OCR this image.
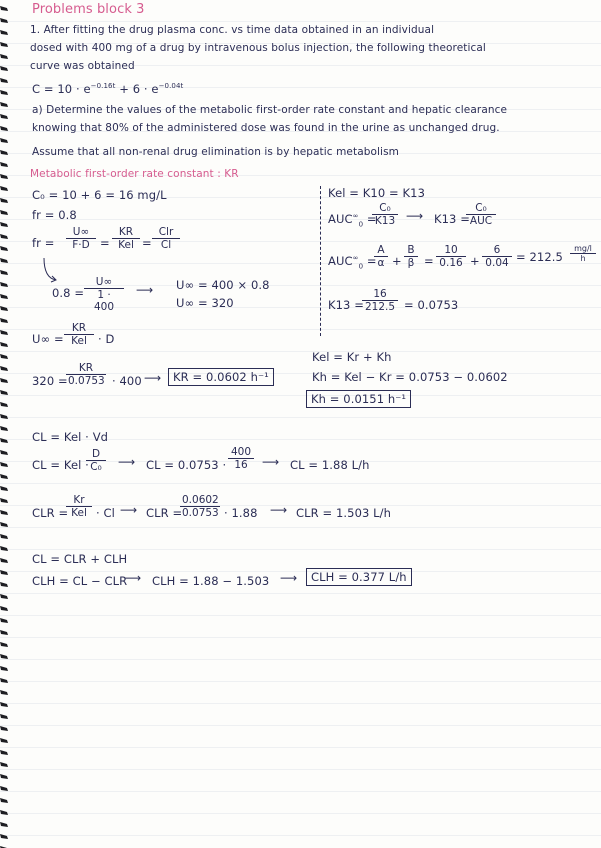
Problems block 3
1. After fitting the drug plasma conc. vs time data obtained in an individual
dosed with 400 mg of a drug by intravenous bolus injection, the following theoretical
curve was obtained
$C = 10 \cdot e^{-0.16t} + 6 \cdot e^{-0.04t}$
a) Determine the values of the metabolic first-order rate constant and hepatic clearance
knowing that 80% of the administered dose was found in the urine as unchanged drug.
Assume that all non-renal drug elimination is by hepatic metabolism
Metabolic first-order rate constant : KR
C₀ = 10 + 6 = 16 mg/L
fr = 0.8
fr = $\frac{U\infty}{F\cdot D}$ =
KR
Kel =
Clr
Cl
$0.8 = \frac{U\infty}{1 \cdot 400}$ ⟶ U∞ = 400 × 0.8
U∞ = 320
U∞ =
KR
Kel · D
320 =
$\frac{KR}{0.0753} \cdot 400$ ⟶	KR = 0.0602 h⁻¹
Kel = K10 = K13
$AUC^\infty_0$ =
$\frac{\text{C₀}}{K13}$ ⟶ K13 =
C₀
AUC
$AUC^\infty_0$ =
$\frac{A}{\alpha} + \frac{B}{\beta} = \frac{10}{0.16} + \frac{6}{0.04} = 212.5 \frac{mg/l}{h}$
K13 =
$\frac{16}{212.5} = 0.0753$
Kel = Kr + Kh
Kh = Kel − Kr = 0.0753 − 0.0602
Kh = 0.0151 h⁻¹
CL = Kel · Vd
CL = Kel ·
$\frac{D}{\text{C₀}}$ ⟶ CL = $0.0753 \cdot \frac{400}{16}$ ⟶ CL = 1.88 L/h
CLR =
Kr
Kel · Cl ⟶ CLR =
$\frac{0.0602}{0.0753} \cdot 1.88$ ⟶ CLR = 1.503 L/h
CL = CLR + CLH
CLH = CL − CLR
⟶ CLH = 1.88 − 1.503 ⟶	CLH = 0.377 L/h
